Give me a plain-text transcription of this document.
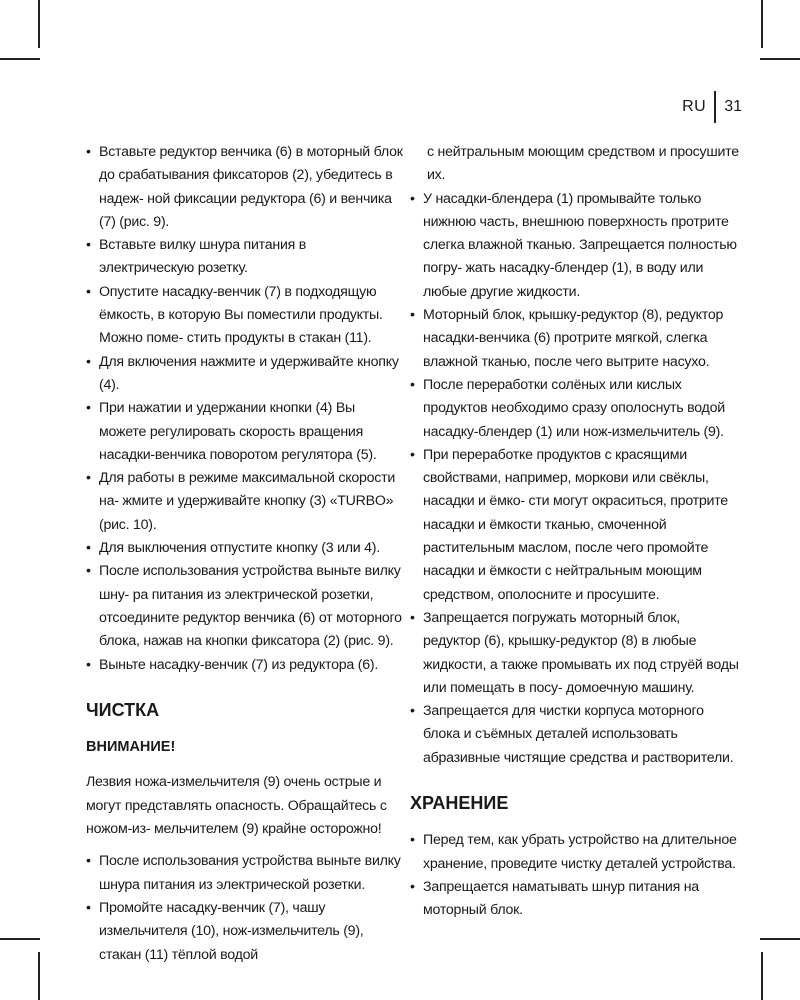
RU 31
• Вставьте редуктор венчика (6) в моторный блок до срабатывания фиксаторов (2), убедитесь в надеж- ной фиксации редуктора (6) и венчика (7) (рис. 9).
• Вставьте вилку шнура питания в электрическую розетку.
• Опустите насадку-венчик (7) в подходящую ёмкость, в которую Вы поместили продукты. Можно поме- стить продукты в стакан (11).
• Для включения нажмите и удерживайте кнопку (4).
• При нажатии и удержании кнопки (4) Вы можете регулировать скорость вращения насадки-венчика поворотом регулятора (5).
• Для работы в режиме максимальной скорости на- жмите и удерживайте кнопку (3) «TURBO» (рис. 10).
• Для выключения отпустите кнопку (3 или 4).
• После использования устройства выньте вилку шну- ра питания из электрической розетки, отсоедините редуктор венчика (6) от моторного блока, нажав на кнопки фиксатора (2) (рис. 9).
• Выньте насадку-венчик (7) из редуктора (6).
ЧИСТКА
ВНИМАНИЕ!

Лезвия ножа-измельчителя (9) очень острые и могут представлять опасность. Обращайтесь с ножом-из- мельчителем (9) крайне осторожно!

• После использования устройства выньте вилку шнура питания из электрической розетки.
• Промойте насадку-венчик (7), чашу измельчителя (10), нож-измельчитель (9), стакан (11) тёплой водой
с нейтральным моющим средством и просушите их.
• У насадки-блендера (1) промывайте только нижнюю часть, внешнюю поверхность протрите слегка влажной тканью. Запрещается полностью погру- жать насадку-блендер (1), в воду или любые другие жидкости.
• Моторный блок, крышку-редуктор (8), редуктор насадки-венчика (6) протрите мягкой, слегка влажной тканью, после чего вытрите насухо.
• После переработки солёных или кислых продуктов необходимо сразу ополоснуть водой насадку-блендер (1) или нож-измельчитель (9).
• При переработке продуктов с красящими свойствами, например, моркови или свёклы, насадки и ёмко- сти могут окраситься, протрите насадки и ёмкости тканью, смоченной растительным маслом, после чего промойте насадки и ёмкости с нейтральным моющим средством, ополосните и просушите.
• Запрещается погружать моторный блок, редуктор (6), крышку-редуктор (8) в любые жидкости, а также промывать их под струёй воды или помещать в посу- домоечную машину.
• Запрещается для чистки корпуса моторного блока и съёмных деталей использовать абразивные чистящие средства и растворители.
ХРАНЕНИЕ
• Перед тем, как убрать устройство на длительное хранение, проведите чистку деталей устройства.
• Запрещается наматывать шнур питания на моторный блок.
